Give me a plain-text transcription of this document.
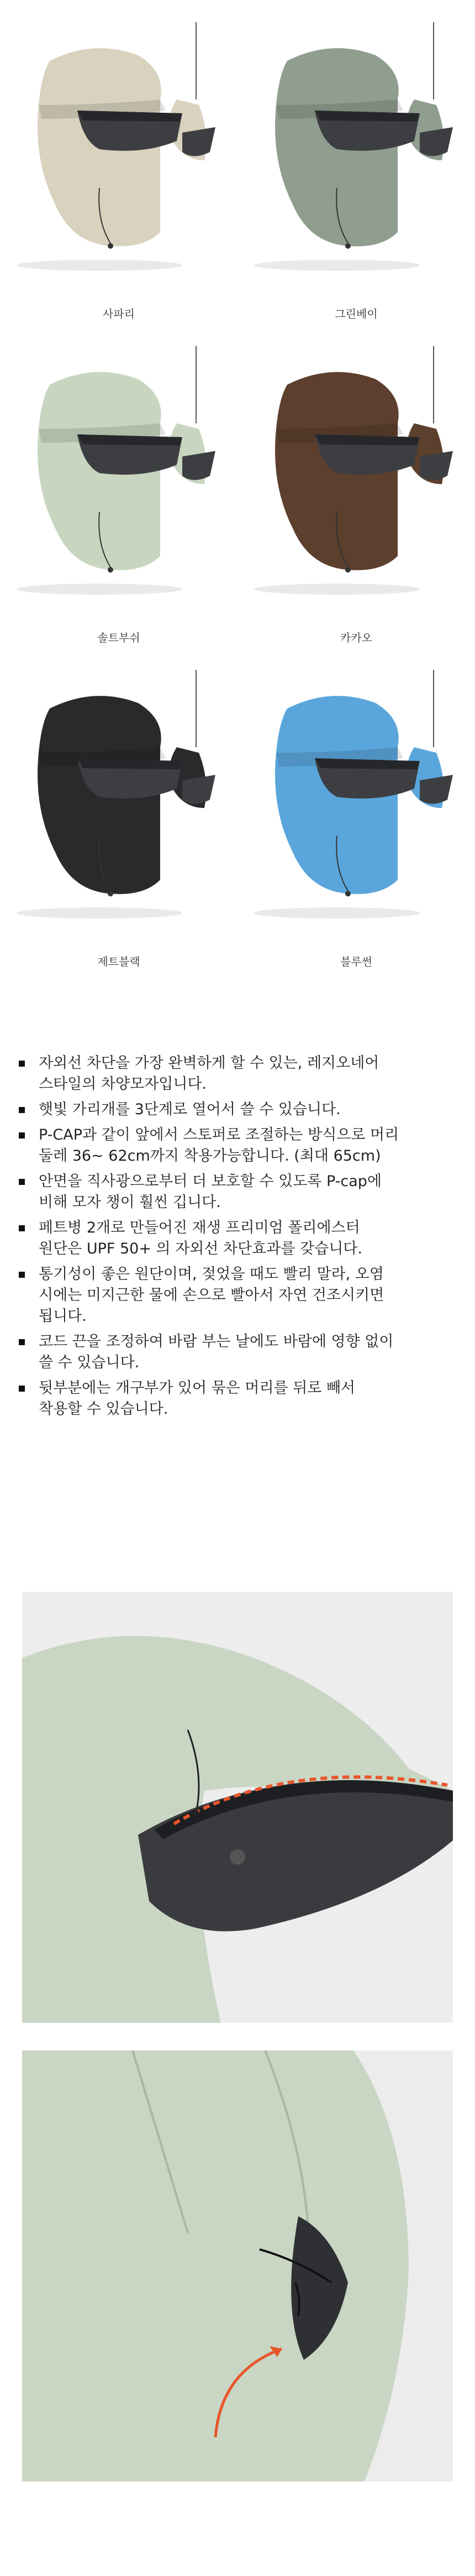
사파리	그린베이
솔트부쉬	카카오
제트블랙	블루썬
자외선 차단을 가장 완벽하게 할 수 있는, 레지오네어
스타일의 차양모자입니다.
햇빛 가리개를 3단계로 열어서 쓸 수 있습니다.
P-CAP과 같이 앞에서 스토퍼로 조절하는 방식으로 머리
둘레 36~ 62cm까지 착용가능합니다. (최대 65cm)
안면을 직사광으로부터 더 보호할 수 있도록 P-cap에
비해 모자 챙이 훨씬 깁니다.
페트병 2개로 만들어진 재생 프리미엄 폴리에스터
원단은 UPF 50+ 의 자외선 차단효과를 갖습니다.
통기성이 좋은 원단이며, 젖었을 때도 빨리 말라, 오염
시에는 미지근한 물에 손으로 빨아서 자연 건조시키면
됩니다.
코드 끈을 조정하여 바람 부는 날에도 바람에 영향 없이
쓸 수 있습니다.
뒷부분에는 개구부가 있어 묶은 머리를 뒤로 빼서
착용할 수 있습니다.
